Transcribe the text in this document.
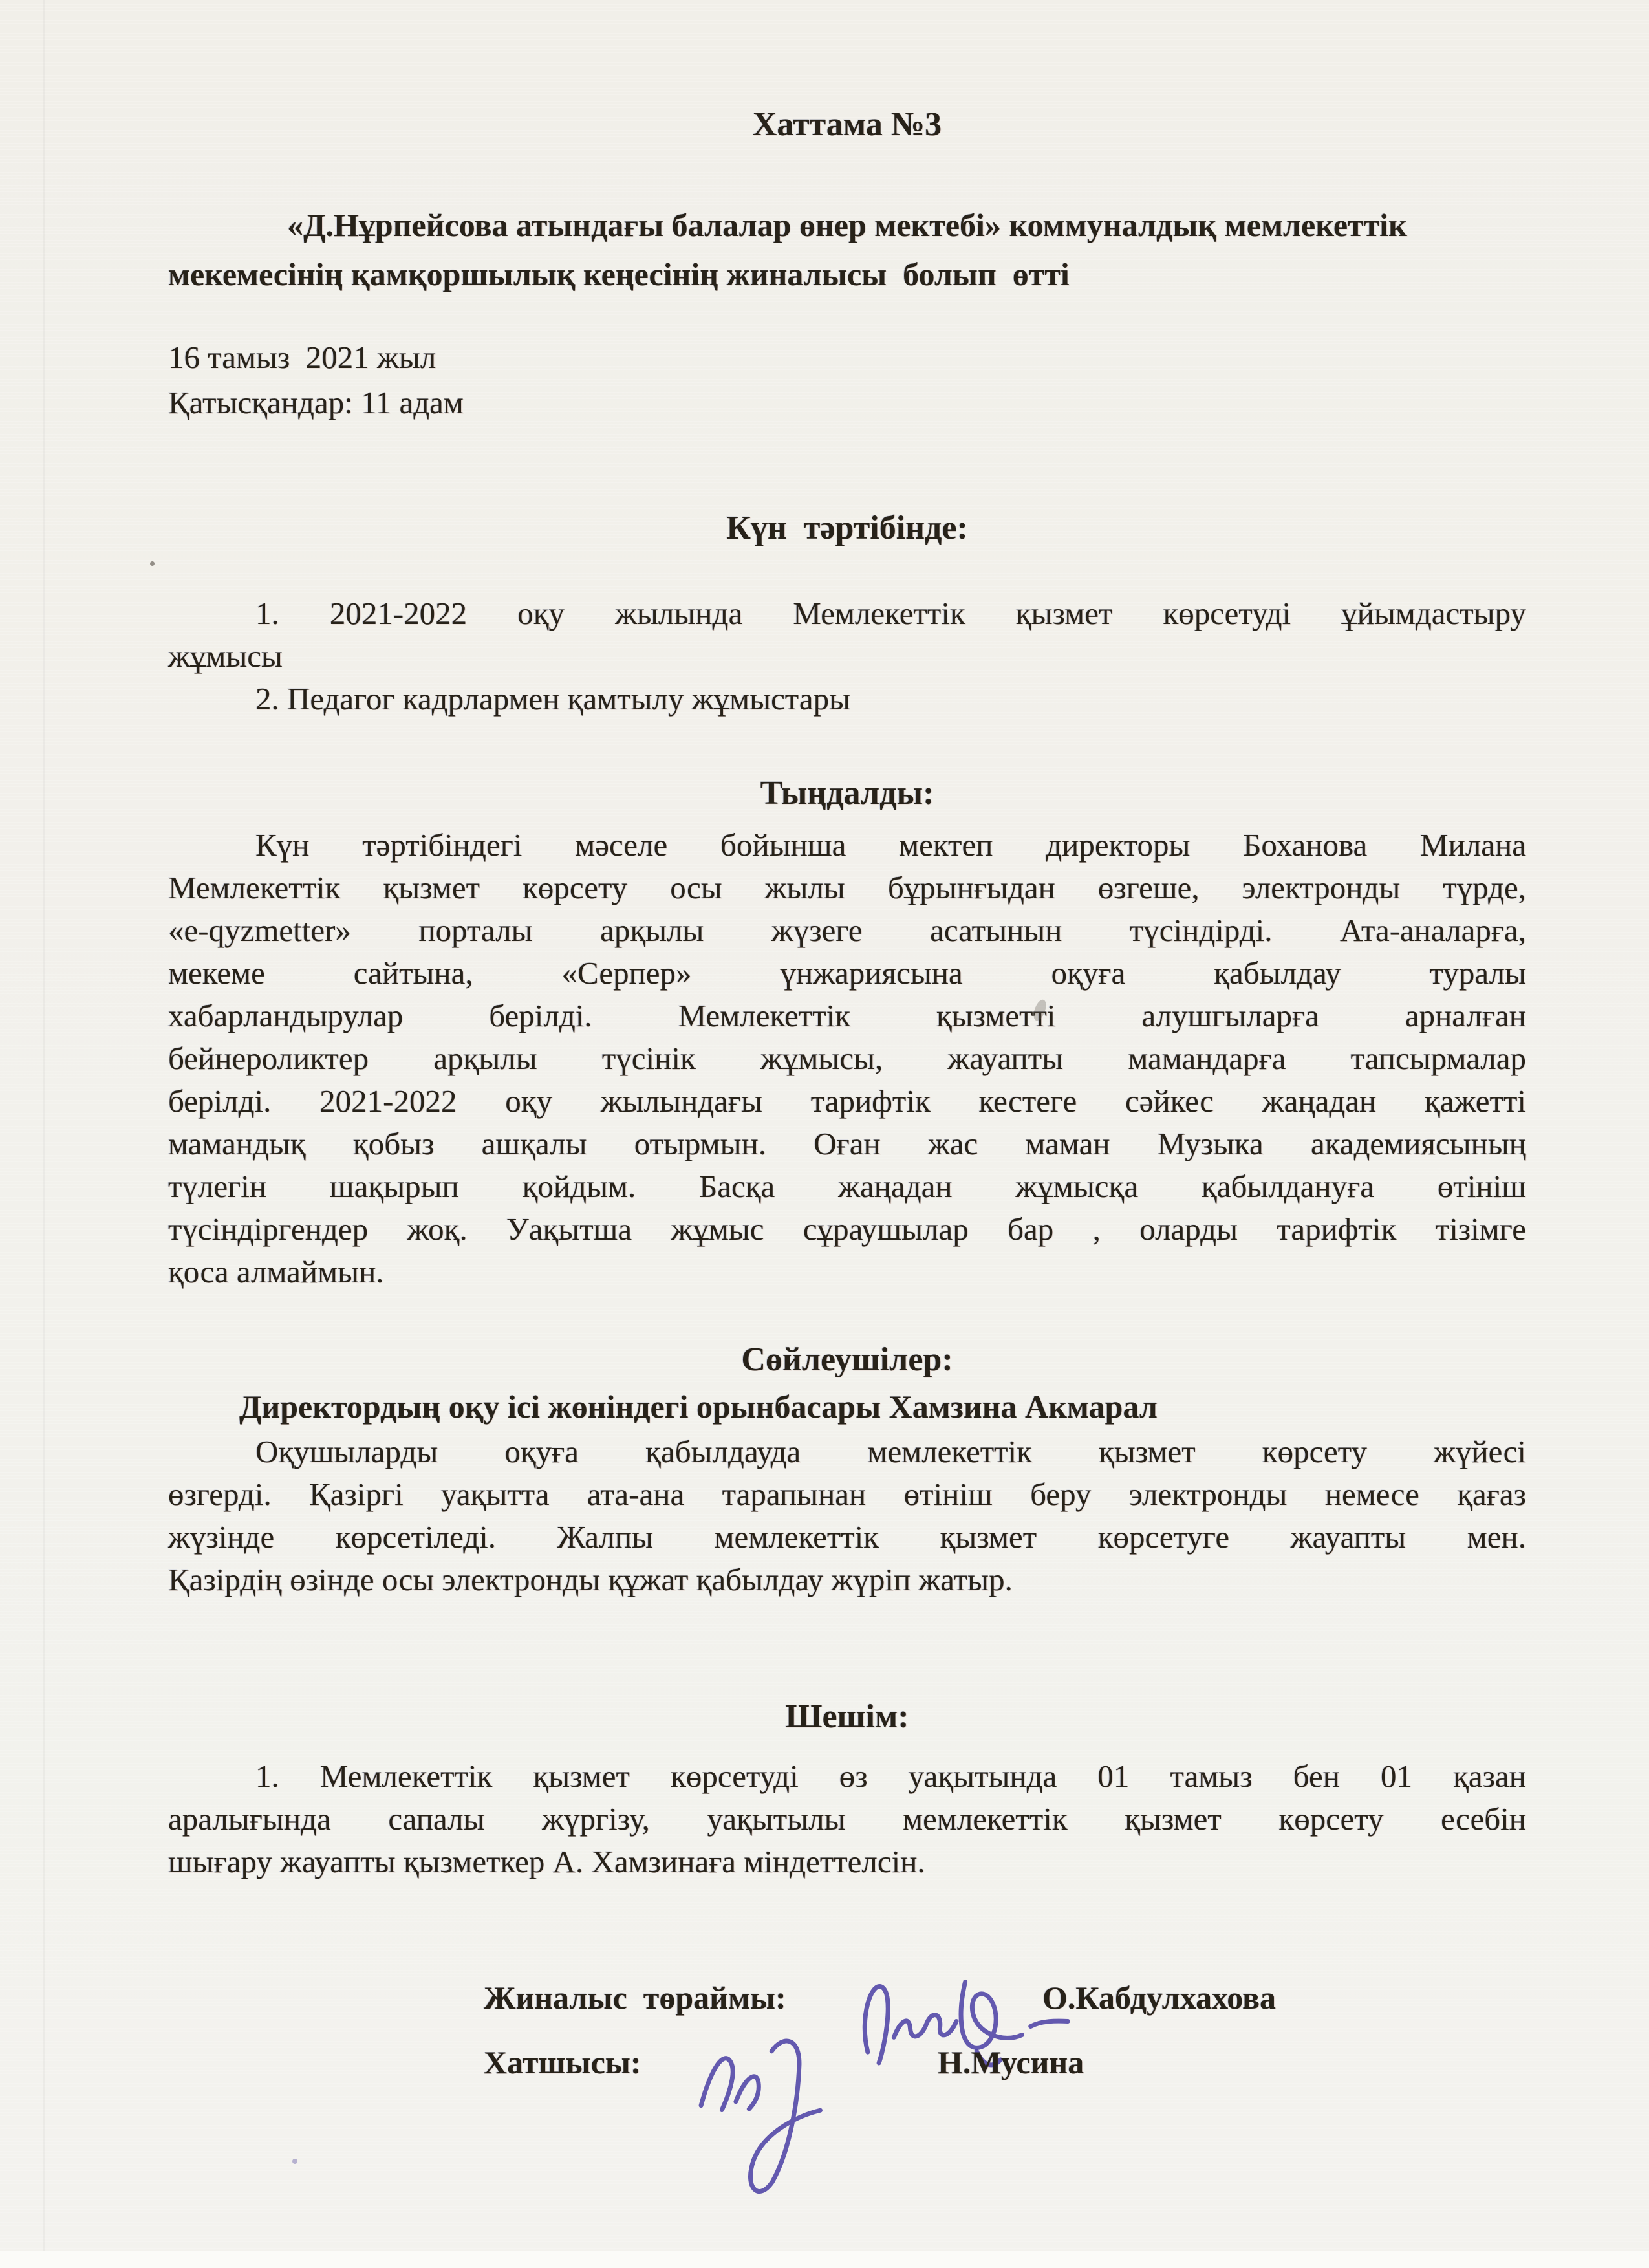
Хаттама №3
«Д.Нұрпейсова атындағы балалар өнер мектебі» коммуналдық мемлекеттік
мекемесінің қамқоршылық кеңесінің жиналысы  болып  өтті
16 тамыз  2021 жыл
Қатысқандар: 11 адам
Күн  тәртібінде:
1. 2021-2022 оқу жылында Мемлекеттік қызмет көрсетуді ұйымдастыру
жұмысы
2. Педагог кадрлармен қамтылу жұмыстары
Тыңдалды:
Күн тәртібіндегі мәселе бойынша мектеп директоры Боханова Милана
Мемлекеттік қызмет көрсету осы жылы бұрынғыдан өзгеше, электронды түрде,
«e-qyzmetter» порталы арқылы жүзеге асатынын түсіндірді. Ата-аналарға,
мекеме сайтына, «Серпер» үнжариясына оқуға қабылдау туралы
хабарландырулар берілді. Мемлекеттік қызметті алушгыларға арналған
бейнероликтер арқылы түсінік жұмысы, жауапты мамандарға тапсырмалар
берілді. 2021-2022 оқу жылындағы тарифтік кестеге сәйкес жаңадан қажетті
мамандық қобыз ашқалы отырмын. Оған жас маман Музыка академиясының
түлегін шақырып қойдым. Басқа жаңадан жұмысқа қабылдануға өтініш
түсіндіргендер жоқ. Уақытша жұмыс сұраушылар бар , оларды тарифтік тізімге
қоса алмаймын.
Сөйлеушілер:
Директордың оқу ісі жөніндегі орынбасары Хамзина Акмарал
Оқушыларды оқуға қабылдауда мемлекеттік қызмет көрсету жүйесі
өзгерді. Қазіргі уақытта ата-ана тарапынан өтініш беру электронды немесе қағаз
жүзінде көрсетіледі. Жалпы мемлекеттік қызмет көрсетуге жауапты мен.
Қазірдің өзінде осы электронды құжат қабылдау жүріп жатыр.
Шешім:
1. Мемлекеттік қызмет көрсетуді өз уақытында 01 тамыз бен 01 қазан
аралығында сапалы жүргізу, уақытылы мемлекеттік қызмет көрсету есебін
шығару жауапты қызметкер А. Хамзинаға міндеттелсін.
Жиналыс  төраймы:	О.Кабдулхахова
Хатшысы:	Н.Мусина
